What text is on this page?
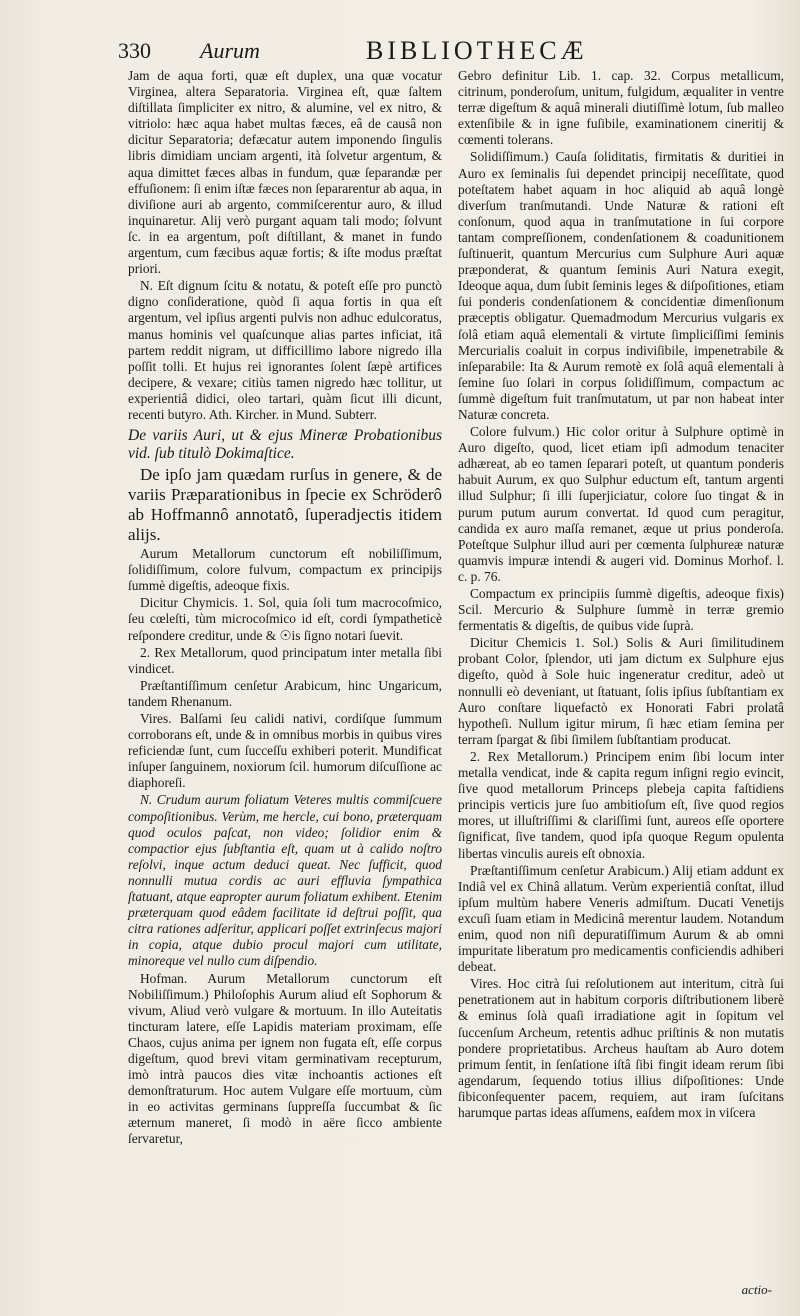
330 Aurum	BIBLIOTHECÆ

Jam de aqua forti, quæ eſt duplex, una quæ vocatur Virginea, altera Separatoria. Virginea eſt, quæ ſaltem diſtillata ſimpliciter ex nitro, & alumine, vel ex nitro, & vitriolo: hæc aqua habet multas fæces, eâ de causâ non dicitur Separatoria; defæcatur autem imponendo ſingulis libris dimidiam unciam argenti, ità ſolvetur argentum, & aqua dimittet fæces albas in fundum, quæ ſeparandæ per effuſionem: ſi enim iſtæ fæces non ſepararentur ab aqua, in diviſione auri ab argento, commiſcerentur auro, & illud inquinaretur. Alij verò purgant aquam tali modo; ſolvunt ſc. in ea argentum, poſt diſtillant, & manet in fundo argentum, cum fæcibus aquæ fortis; & iſte modus præſtat priori.

N. Eſt dignum ſcitu & notatu, & poteſt eſſe pro punctò digno conſideratione, quòd ſi aqua fortis in qua eſt argentum, vel ipſius argenti pulvis non adhuc edulcoratus, manus hominis vel quaſcunque alias partes inficiat, itâ partem reddit nigram, ut difficillimo labore nigredo illa poſſit tolli. Et hujus rei ignorantes ſolent ſæpè artifices decipere, & vexare; citiùs tamen nigredo hæc tollitur, ut experientiâ didici, oleo tartari, quàm ſicut illi dicunt, recenti butyro. Ath. Kircher. in Mund. Subterr.

De variis Auri, ut & ejus Mineræ Probationibus vid. ſub titulò Dokimaſtice.

De ipſo jam quædam rurſus in genere, & de variis Præparationibus in ſpecie ex Schröderô ab Hoffmannô annotatô, ſuperadjectis itidem alijs.

Aurum Metallorum cunctorum eſt nobiliſſimum, ſolidiſſimum, colore fulvum, compactum ex principijs ſummè digeſtis, adeoque fixis.

Dicitur Chymicis. 1. Sol, quia ſoli tum macrocoſmico, ſeu cœleſti, tùm microcoſmico id eſt, cordi ſympatheticè reſpondere creditur, unde & ☉is ſigno notari ſuevit.

2. Rex Metallorum, quod principatum inter metalla ſibi vindicet.

Præſtantiſſimum cenſetur Arabicum, hinc Ungaricum, tandem Rhenanum.

Vires. Balſami ſeu calidi nativi, cordiſque ſummum corroborans eſt, unde & in omnibus morbis in quibus vires reficiendæ ſunt, cum ſucceſſu exhiberi poterit. Mundificat inſuper ſanguinem, noxiorum ſcil. humorum diſcuſſione ac diaphoreſi.

N. Crudum aurum foliatum Veteres multis commiſcuere compoſitionibus. Verùm, me hercle, cui bono, præterquam quod oculos paſcat, non video; ſolidior enim & compactior ejus ſubſtantia eſt, quam ut à calido noſtro reſolvi, inque actum deduci queat. Nec ſufficit, quod nonnulli mutua cordis ac auri effluvia ſympathica ſtatuant, atque eapropter aurum foliatum exhibent. Etenim præterquam quod eâdem facilitate id deſtrui poſſit, qua citra rationes adſeritur, applicari poſſet extrinſecus majori in copia, atque dubio procul majori cum utilitate, minoreque vel nullo cum diſpendio.

Hofman. Aurum Metallorum cunctorum eſt Nobiliſſimum.) Philoſophis Aurum aliud eſt Sophorum & vivum, Aliud verò vulgare & mortuum. In illo Auteitatis tincturam latere, eſſe Lapidis materiam proximam, eſſe Chaos, cujus anima per ignem non fugata eſt, eſſe corpus digeſtum, quod brevi vitam germinativam recepturum, imò intrà paucos dies vitæ inchoantis actiones eſt demonſtraturum. Hoc autem Vulgare eſſe mortuum, cùm in eo activitas germinans ſuppreſſa ſuccumbat & ſic æternum maneret, ſi modò in aëre ſicco ambiente ſervaretur,

Gebro definitur Lib. 1. cap. 32. Corpus metallicum, citrinum, ponderoſum, unitum, fulgidum, æqualiter in ventre terræ digeſtum & aquâ minerali diutiſſimè lotum, ſub malleo extenſibile & in igne fuſibile, examinationem cineritij & cœmenti tolerans.

Solidiſſimum.) Cauſa ſoliditatis, firmitatis & duritiei in Auro ex ſeminalis ſui dependet principij neceſſitate, quod poteſtatem habet aquam in hoc aliquid ab aquâ longè diverſum tranſmutandi. Unde Naturæ & rationi eſt conſonum, quod aqua in tranſmutatione in ſui corpore tantam compreſſionem, condenſationem & coadunitionem ſuſtinuerit, quantum Mercurius cum Sulphure Auri aquæ præponderat, & quantum ſeminis Auri Natura exegit, Ideoque aqua, dum ſubit ſeminis leges & diſpoſitiones, etiam ſui ponderis condenſationem & concidentiæ dimenſionum præceptis obligatur. Quemadmodum Mercurius vulgaris ex ſolâ etiam aquâ elementali & virtute ſimpliciſſimi ſeminis Mercurialis coaluit in corpus indiviſibile, impenetrabile & inſeparabile: Ita & Aurum remotè ex ſolâ aquâ elementali à ſemine ſuo ſolari in corpus ſolidiſſimum, compactum ac ſummè digeſtum fuit tranſmutatum, ut par non habeat inter Naturæ concreta.

Colore fulvum.) Hic color oritur à Sulphure optimè in Auro digeſto, quod, licet etiam ipſi admodum tenaciter adhæreat, ab eo tamen ſeparari poteſt, ut quantum ponderis habuit Aurum, ex quo Sulphur eductum eſt, tantum argenti illud Sulphur; ſi illi ſuperjiciatur, colore ſuo tingat & in purum putum aurum convertat. Id quod cum peragitur, candida ex auro maſſa remanet, æque ut prius ponderoſa. Poteſtque Sulphur illud auri per cœmenta ſulphureæ naturæ quamvis impuræ intendi & augeri vid. Dominus Morhof. l. c. p. 76.

Compactum ex principiis ſummè digeſtis, adeoque fixis) Scil. Mercurio & Sulphure ſummè in terræ gremio fermentatis & digeſtis, de quibus vide ſuprà.

Dicitur Chemicis 1. Sol.) Solis & Auri ſimilitudinem probant Color, ſplendor, uti jam dictum ex Sulphure ejus digeſto, quòd à Sole huic ingeneratur creditur, adeò ut nonnulli eò deveniant, ut ſtatuant, ſolis ipſius ſubſtantiam ex Auro conſtare liquefactò ex Honorati Fabri prolatâ hypotheſi. Nullum igitur mirum, ſi hæc etiam ſemina per terram ſpargat & ſibi ſimilem ſubſtantiam producat.

2. Rex Metallorum.) Principem enim ſibi locum inter metalla vendicat, inde & capita regum inſigni regio evincit, ſive quod metallorum Princeps plebeja capita faſtidiens principis verticis jure ſuo ambitioſum eſt, ſive quod regios mores, ut illuſtriſſimi & clariſſimi ſunt, aureos eſſe oportere ſignificat, ſive tandem, quod ipſa quoque Regum opulenta libertas vinculis aureis eſt obnoxia.

Præſtantiſſimum cenſetur Arabicum.) Alij etiam addunt ex Indiâ vel ex Chinâ allatum. Verùm experientiâ conſtat, illud ipſum multùm habere Veneris admiſtum. Ducati Venetijs excuſi ſuam etiam in Medicinâ merentur laudem. Notandum enim, quod non niſi depuratiſſimum Aurum & ab omni impuritate liberatum pro medicamentis conficiendis adhiberi debeat.

Vires. Hoc citrà ſui reſolutionem aut interitum, citrà ſui penetrationem aut in habitum corporis diſtributionem liberè & eminus ſolà quaſi irradiatione agit in ſopitum vel ſuccenſum Archeum, retentis adhuc priſtinis & non mutatis pondere proprietatibus. Archeus hauſtam ab Auro dotem primum ſentit, in ſenſatione iſtâ ſibi fingit ideam rerum ſibi agendarum, ſequendo totius illius diſpoſitiones: Unde ſibiconſequenter pacem, requiem, aut iram ſuſcitans harumque partas ideas aſſumens, eaſdem mox in viſcera

actio-
